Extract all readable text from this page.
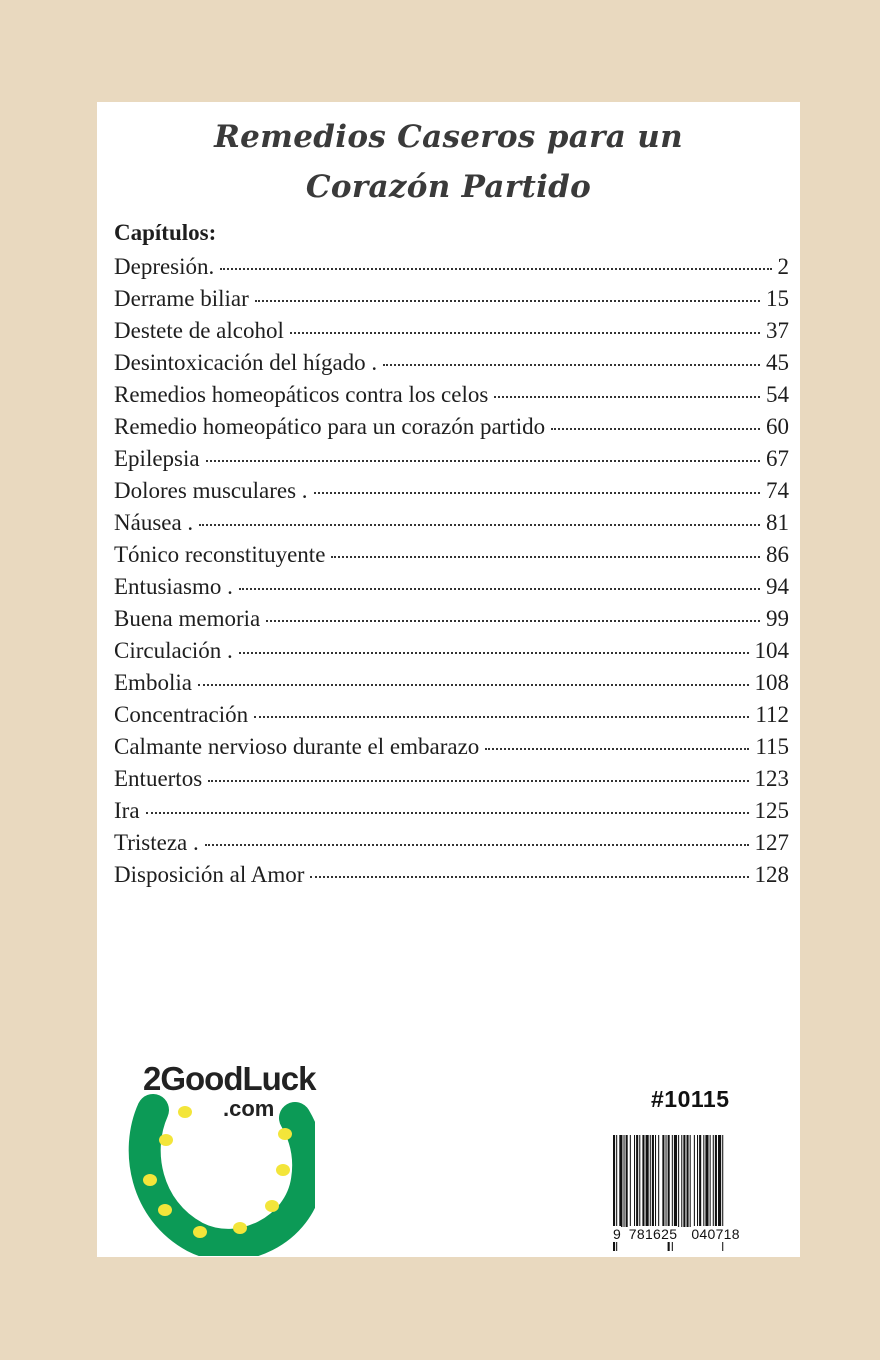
Remedios Caseros para un
Corazón Partido
Capítulos:
Depresión.	2
Derrame biliar	15
Destete de alcohol	37
Desintoxicación del hígado .	45
Remedios homeopáticos contra los celos	54
Remedio homeopático para un corazón partido	60
Epilepsia	67
Dolores musculares .	74
Náusea .	81
Tónico reconstituyente	86
Entusiasmo .	94
Buena memoria	99
Circulación .	104
Embolia	108
Concentración	112
Calmante nervioso durante el embarazo	115
Entuertos	123
Ira	125
Tristeza .	127
Disposición al Amor	128
2GoodLuck
.com	#10115
9 781625 040718
